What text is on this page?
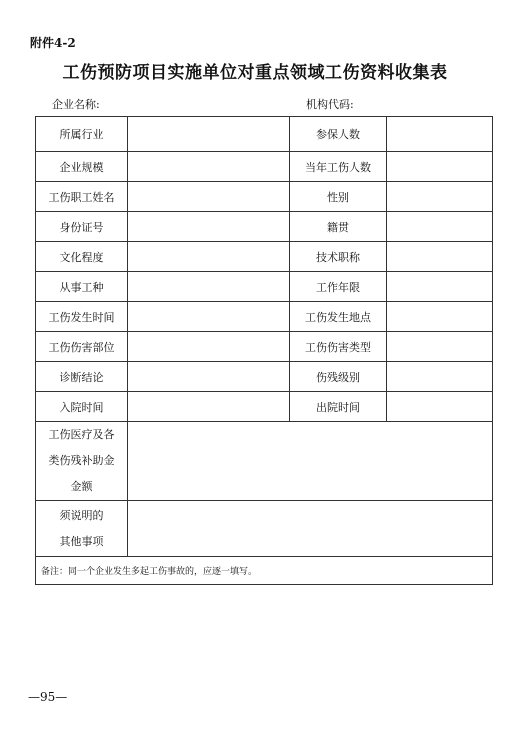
附件4-2
工伤预防项目实施单位对重点领域工伤资料收集表
企业名称:	机构代码:
所属行业		参保人数	
企业规模		当年工伤人数	
工伤职工姓名		性别	
身份证号		籍贯	
文化程度		技术职称	
从事工种		工作年限	
工伤发生时间		工伤发生地点	
工伤伤害部位		工伤伤害类型	
诊断结论		伤残级别	
入院时间		出院时间	

工伤医疗及各
类伤残补助金
金额			

须说明的
其他事项			

备注：同一个企业发生多起工伤事故的，应逐一填写。			
—95—
